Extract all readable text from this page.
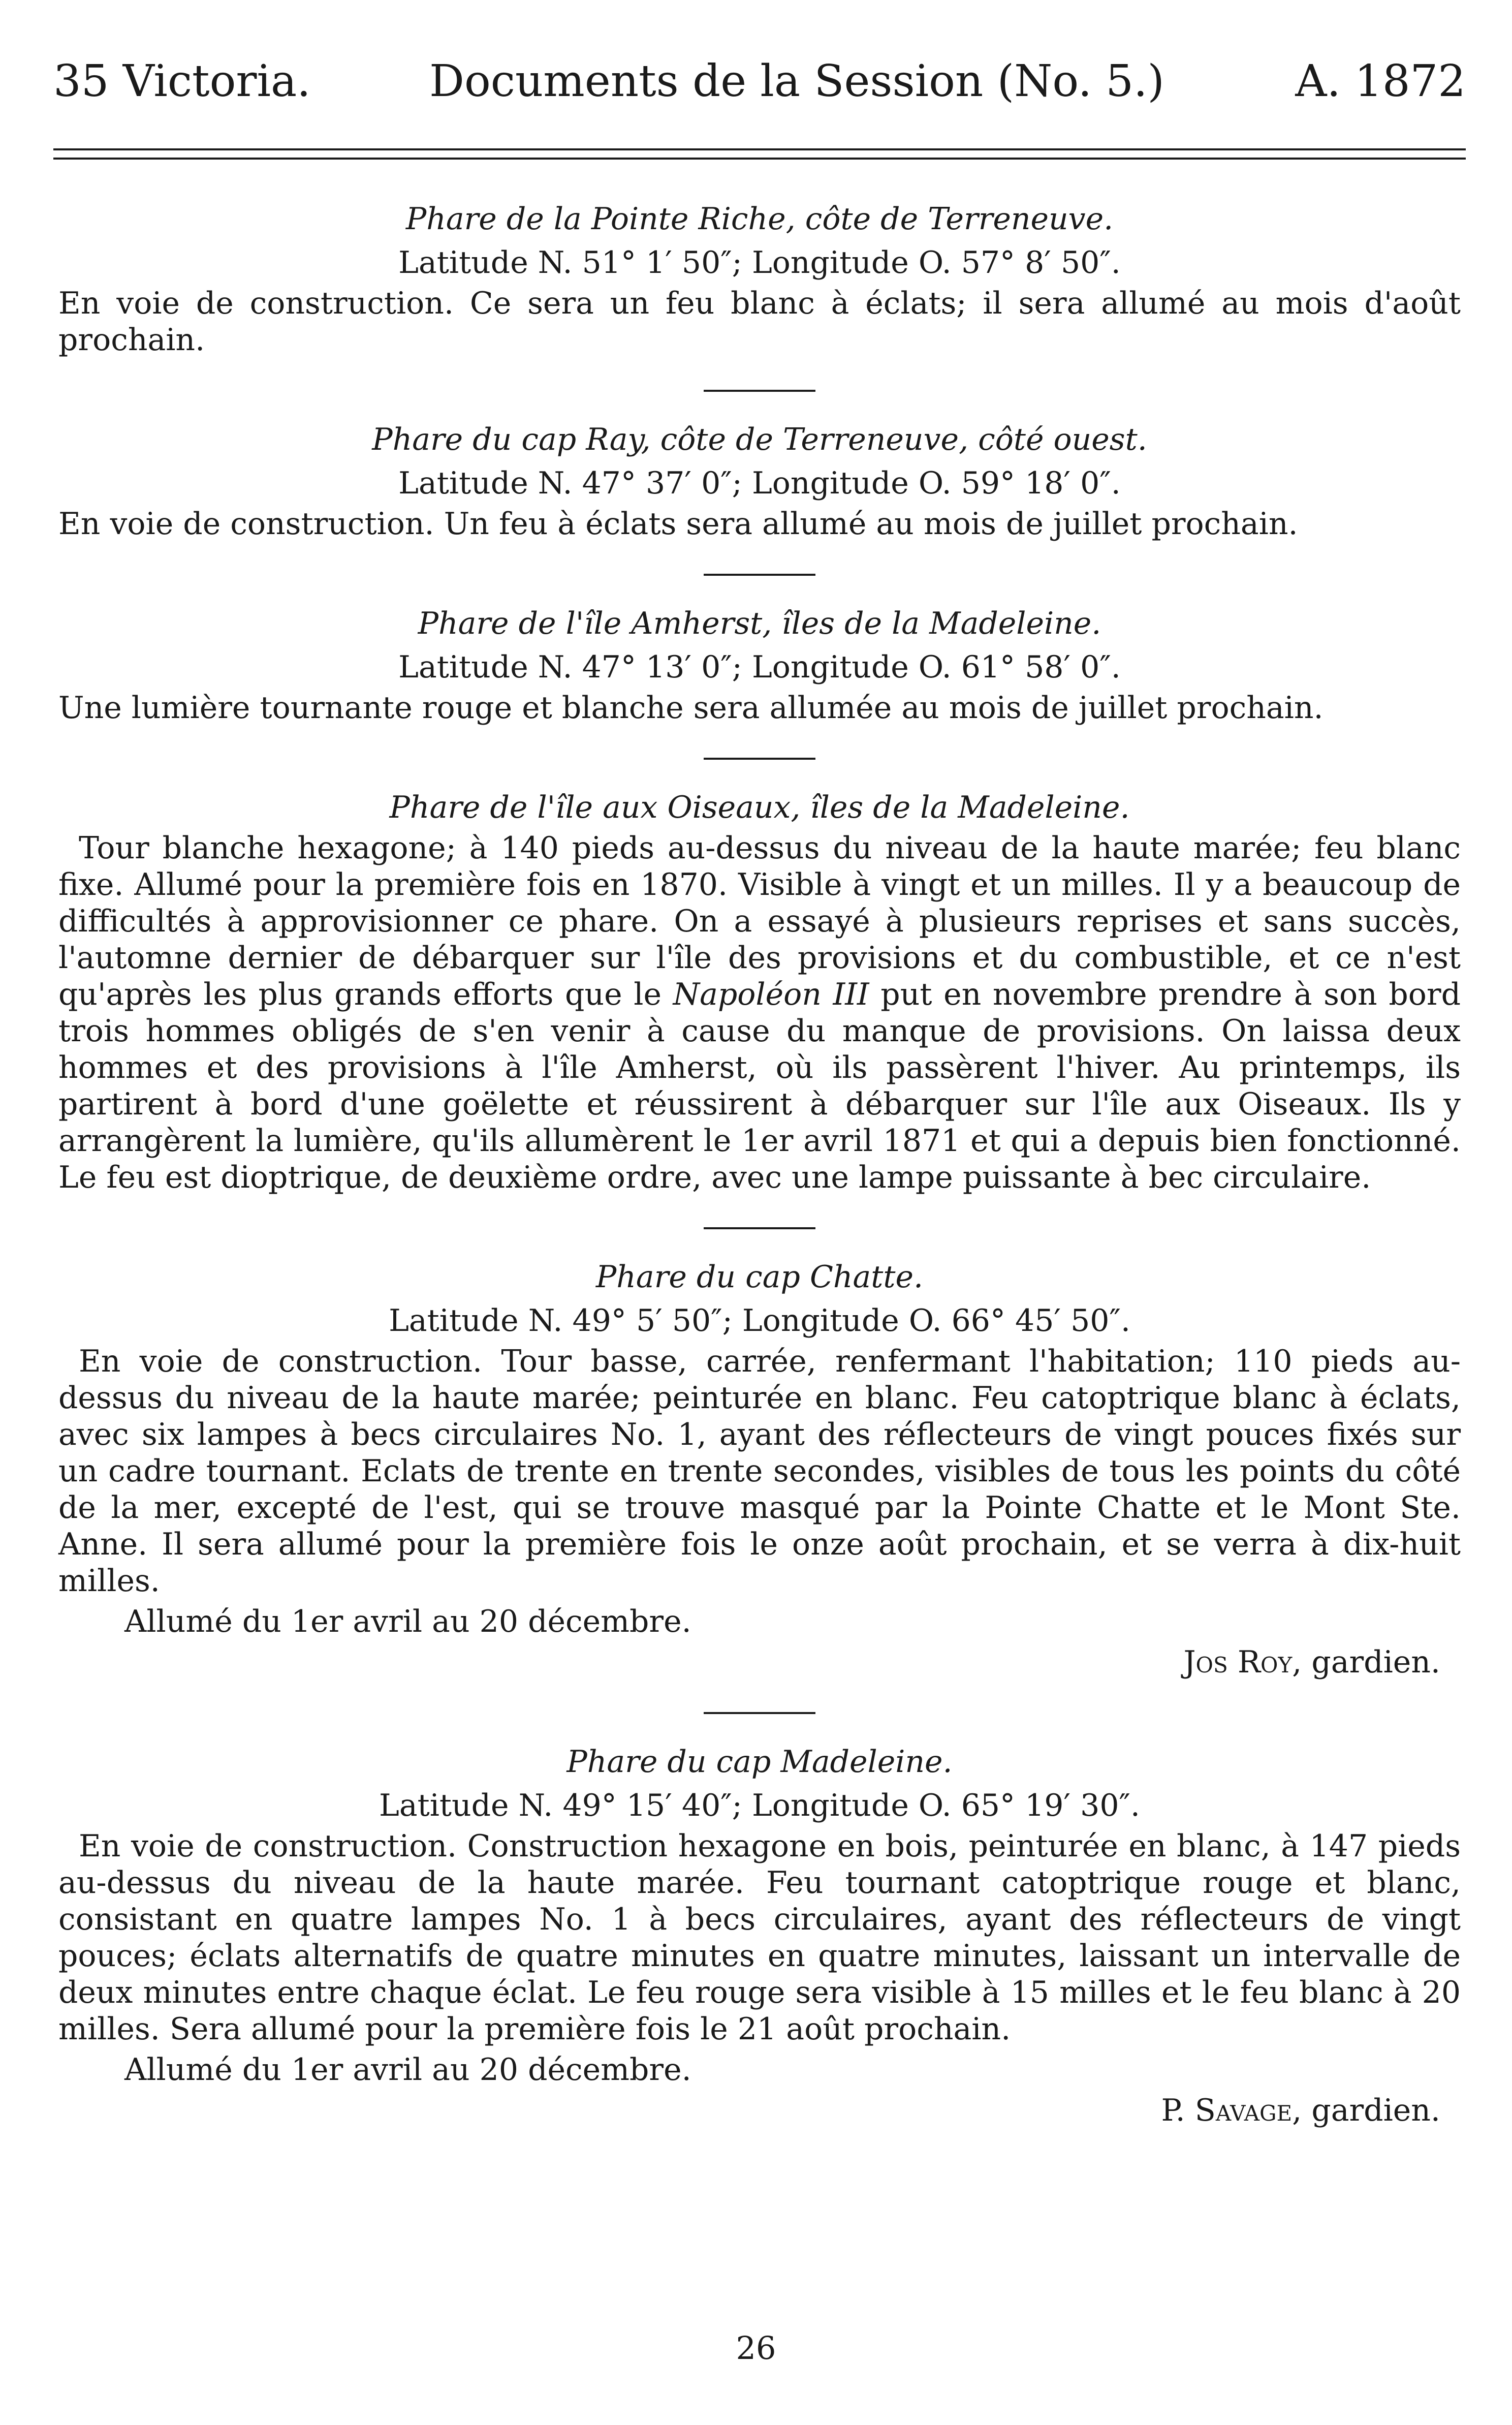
35 Victoria.	Documents de la Session (No. 5.)	A. 1872

Phare de la Pointe Riche, côte de Terreneuve.

Latitude N. 51° 1′ 50″; Longitude O. 57° 8′ 50″.

En voie de construction. Ce sera un feu blanc à éclats; il sera allumé au mois d'août prochain.

Phare du cap Ray, côte de Terreneuve, côté ouest.

Latitude N. 47° 37′ 0″; Longitude O. 59° 18′ 0″.

En voie de construction. Un feu à éclats sera allumé au mois de juillet prochain.

Phare de l'île Amherst, îles de la Madeleine.

Latitude N. 47° 13′ 0″; Longitude O. 61° 58′ 0″.

Une lumière tournante rouge et blanche sera allumée au mois de juillet prochain.

Phare de l'île aux Oiseaux, îles de la Madeleine.

Tour blanche hexagone; à 140 pieds au-dessus du niveau de la haute marée; feu blanc fixe. Allumé pour la première fois en 1870. Visible à vingt et un milles. Il y a beaucoup de difficultés à approvisionner ce phare. On a essayé à plusieurs reprises et sans succès, l'automne dernier de débarquer sur l'île des provisions et du combustible, et ce n'est qu'après les plus grands efforts que le Napoléon III put en novembre prendre à son bord trois hommes obligés de s'en venir à cause du manque de provisions. On laissa deux hommes et des provisions à l'île Amherst, où ils passèrent l'hiver. Au printemps, ils partirent à bord d'une goëlette et réussirent à débarquer sur l'île aux Oiseaux. Ils y arrangèrent la lumière, qu'ils allumèrent le 1er avril 1871 et qui a depuis bien fonctionné. Le feu est dioptrique, de deuxième ordre, avec une lampe puissante à bec circulaire.

Phare du cap Chatte.

Latitude N. 49° 5′ 50″; Longitude O. 66° 45′ 50″.

En voie de construction. Tour basse, carrée, renfermant l'habitation; 110 pieds au-dessus du niveau de la haute marée; peinturée en blanc. Feu catoptrique blanc à éclats, avec six lampes à becs circulaires No. 1, ayant des réflecteurs de vingt pouces fixés sur un cadre tournant. Eclats de trente en trente secondes, visibles de tous les points du côté de la mer, excepté de l'est, qui se trouve masqué par la Pointe Chatte et le Mont Ste. Anne. Il sera allumé pour la première fois le onze août prochain, et se verra à dix-huit milles.

Allumé du 1er avril au 20 décembre.

Jos Roy, gardien.

Phare du cap Madeleine.

Latitude N. 49° 15′ 40″; Longitude O. 65° 19′ 30″.

En voie de construction. Construction hexagone en bois, peinturée en blanc, à 147 pieds au-dessus du niveau de la haute marée. Feu tournant catoptrique rouge et blanc, consistant en quatre lampes No. 1 à becs circulaires, ayant des réflecteurs de vingt pouces; éclats alternatifs de quatre minutes en quatre minutes, laissant un intervalle de deux minutes entre chaque éclat. Le feu rouge sera visible à 15 milles et le feu blanc à 20 milles. Sera allumé pour la première fois le 21 août prochain.

Allumé du 1er avril au 20 décembre.

P. Savage, gardien.

26
